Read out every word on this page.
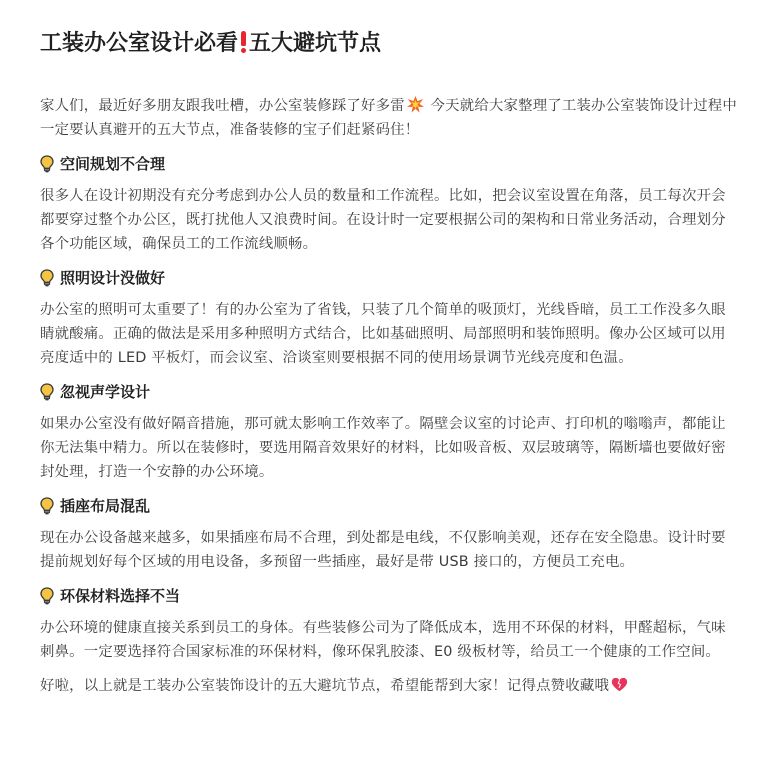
工装办公室设计必看 五大避坑节点

家人们，最近好多朋友跟我吐槽，办公室装修踩了好多雷 今天就给大家整理了工装办公室装饰设计过程中一定要认真避开的五大节点，准备装修的宝子们赶紧码住！

空间规划不合理

很多人在设计初期没有充分考虑到办公人员的数量和工作流程。比如，把会议室设置在角落，员工每次开会都要穿过整个办公区，既打扰他人又浪费时间。在设计时一定要根据公司的架构和日常业务活动，合理划分各个功能区域，确保员工的工作流线顺畅。

照明设计没做好

办公室的照明可太重要了！有的办公室为了省钱，只装了几个简单的吸顶灯，光线昏暗，员工工作没多久眼睛就酸痛。正确的做法是采用多种照明方式结合，比如基础照明、局部照明和装饰照明。像办公区域可以用亮度适中的 LED 平板灯，而会议室、洽谈室则要根据不同的使用场景调节光线亮度和色温。

忽视声学设计

如果办公室没有做好隔音措施，那可就太影响工作效率了。隔壁会议室的讨论声、打印机的嗡嗡声，都能让你无法集中精力。所以在装修时，要选用隔音效果好的材料，比如吸音板、双层玻璃等，隔断墙也要做好密封处理，打造一个安静的办公环境。

插座布局混乱

现在办公设备越来越多，如果插座布局不合理，到处都是电线，不仅影响美观，还存在安全隐患。设计时要提前规划好每个区域的用电设备，多预留一些插座，最好是带 USB 接口的，方便员工充电。

环保材料选择不当

办公环境的健康直接关系到员工的身体。有些装修公司为了降低成本，选用不环保的材料，甲醛超标，气味刺鼻。一定要选择符合国家标准的环保材料，像环保乳胶漆、E0 级板材等，给员工一个健康的工作空间。

好啦，以上就是工装办公室装饰设计的五大避坑节点，希望能帮到大家！记得点赞收藏哦
